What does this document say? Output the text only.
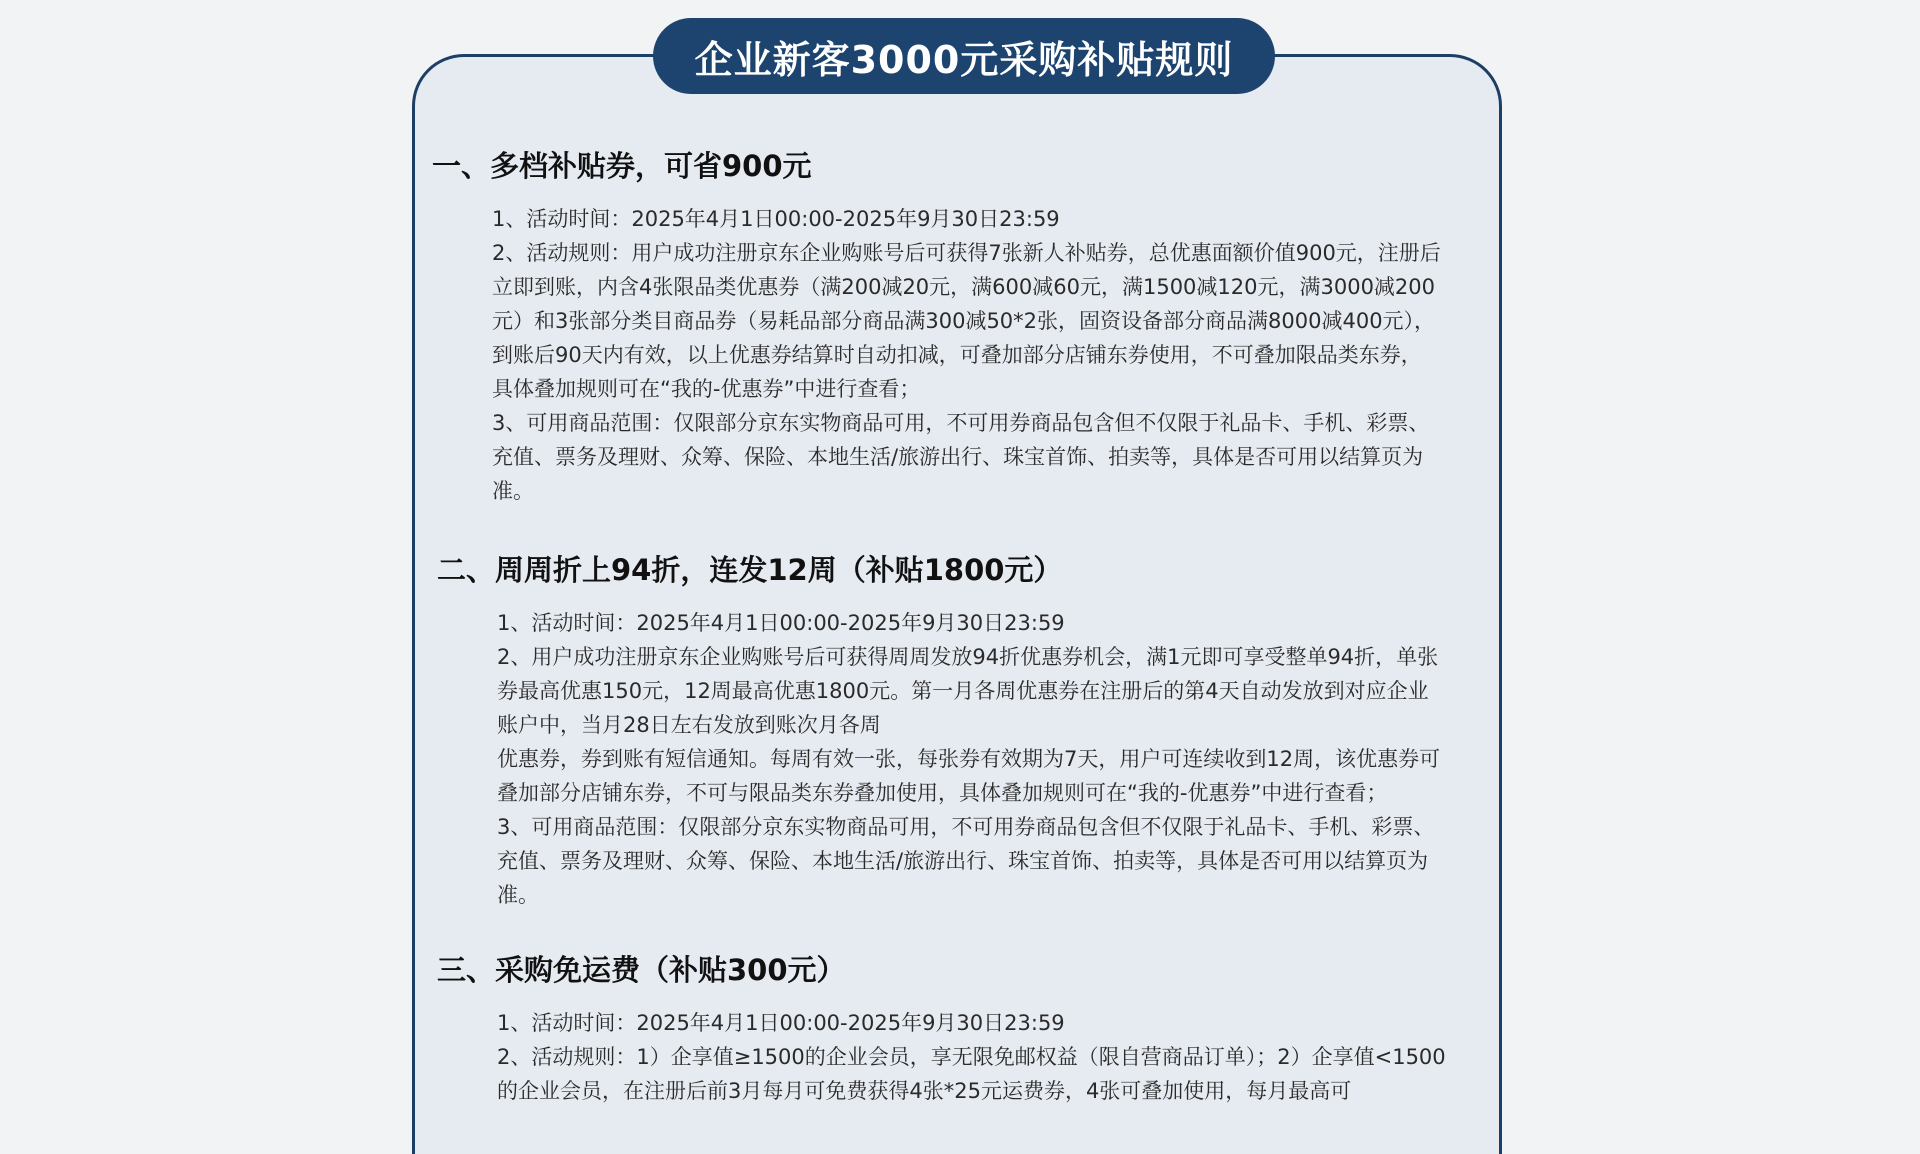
企业新客3000元采购补贴规则
一、多档补贴券，可省900元

1、活动时间：2025年4月1日00:00-2025年9月30日23:59

2、活动规则：用户成功注册京东企业购账号后可获得7张新人补贴券，总优惠面额价值900元，注册后立即到账，内含4张限品类优惠券（满200减20元，满600减60元，满1500减120元，满3000减200元）和3张部分类目商品券（易耗品部分商品满300减50*2张，固资设备部分商品满8000减400元），到账后90天内有效，以上优惠券结算时自动扣减，可叠加部分店铺东券使用，不可叠加限品类东券，具体叠加规则可在“我的-优惠券”中进行查看；

3、可用商品范围：仅限部分京东实物商品可用，不可用券商品包含但不仅限于礼品卡、手机、彩票、充值、票务及理财、众筹、保险、本地生活/旅游出行、珠宝首饰、拍卖等，具体是否可用以结算页为准。

二、周周折上94折，连发12周（补贴1800元）

1、活动时间：2025年4月1日00:00-2025年9月30日23:59

2、用户成功注册京东企业购账号后可获得周周发放94折优惠券机会，满1元即可享受整单94折，单张券最高优惠150元，12周最高优惠1800元。第一月各周优惠券在注册后的第4天自动发放到对应企业账户中，当月28日左右发放到账次月各周

优惠券，券到账有短信通知。每周有效一张，每张券有效期为7天，用户可连续收到12周，该优惠券可叠加部分店铺东券，不可与限品类东券叠加使用，具体叠加规则可在“我的-优惠券”中进行查看；

3、可用商品范围：仅限部分京东实物商品可用，不可用券商品包含但不仅限于礼品卡、手机、彩票、充值、票务及理财、众筹、保险、本地生活/旅游出行、珠宝首饰、拍卖等，具体是否可用以结算页为准。

三、采购免运费（补贴300元）

1、活动时间：2025年4月1日00:00-2025年9月30日23:59

2、活动规则：1）企享值≥1500的企业会员，享无限免邮权益（限自营商品订单）；2）企享值<1500的企业会员，在注册后前3月每月可免费获得4张*25元运费券，4张可叠加使用，每月最高可
